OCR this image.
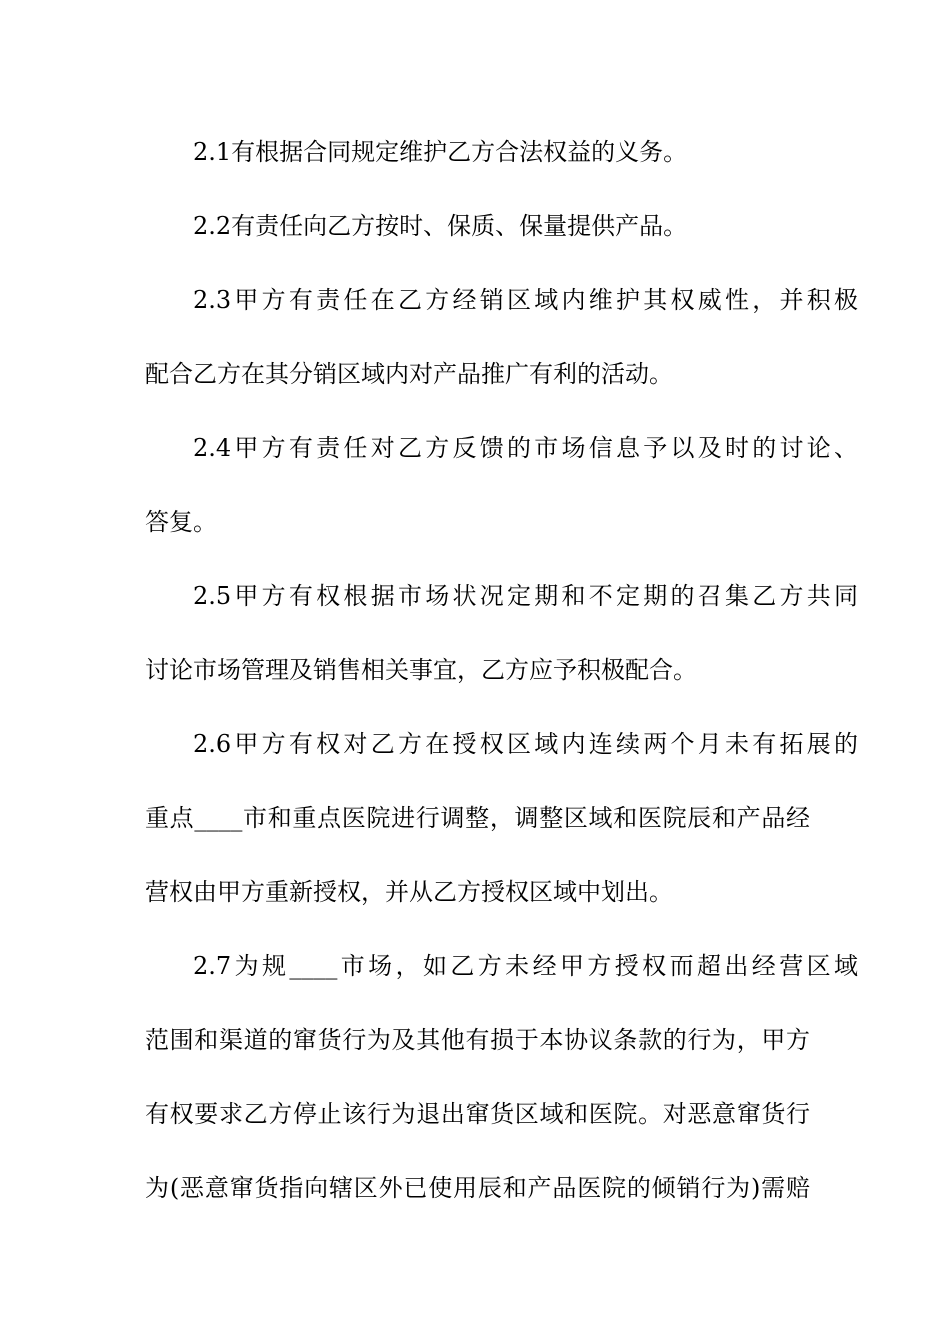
2.1有根据合同规定维护乙方合法权益的义务。
2.2有责任向乙方按时、保质、保量提供产品。
2.3甲方有责任在乙方经销区域内维护其权威性，并积极
配合乙方在其分销区域内对产品推广有利的活动。
2.4甲方有责任对乙方反馈的市场信息予以及时的讨论、
答复。
2.5甲方有权根据市场状况定期和不定期的召集乙方共同
讨论市场管理及销售相关事宜，乙方应予积极配合。
2.6甲方有权对乙方在授权区域内连续两个月未有拓展的
重点____市和重点医院进行调整，调整区域和医院辰和产品经
营权由甲方重新授权，并从乙方授权区域中划出。
2.7为规____市场，如乙方未经甲方授权而超出经营区域
范围和渠道的窜货行为及其他有损于本协议条款的行为，甲方
有权要求乙方停止该行为退出窜货区域和医院。对恶意窜货行
为(恶意窜货指向辖区外已使用辰和产品医院的倾销行为)需赔
